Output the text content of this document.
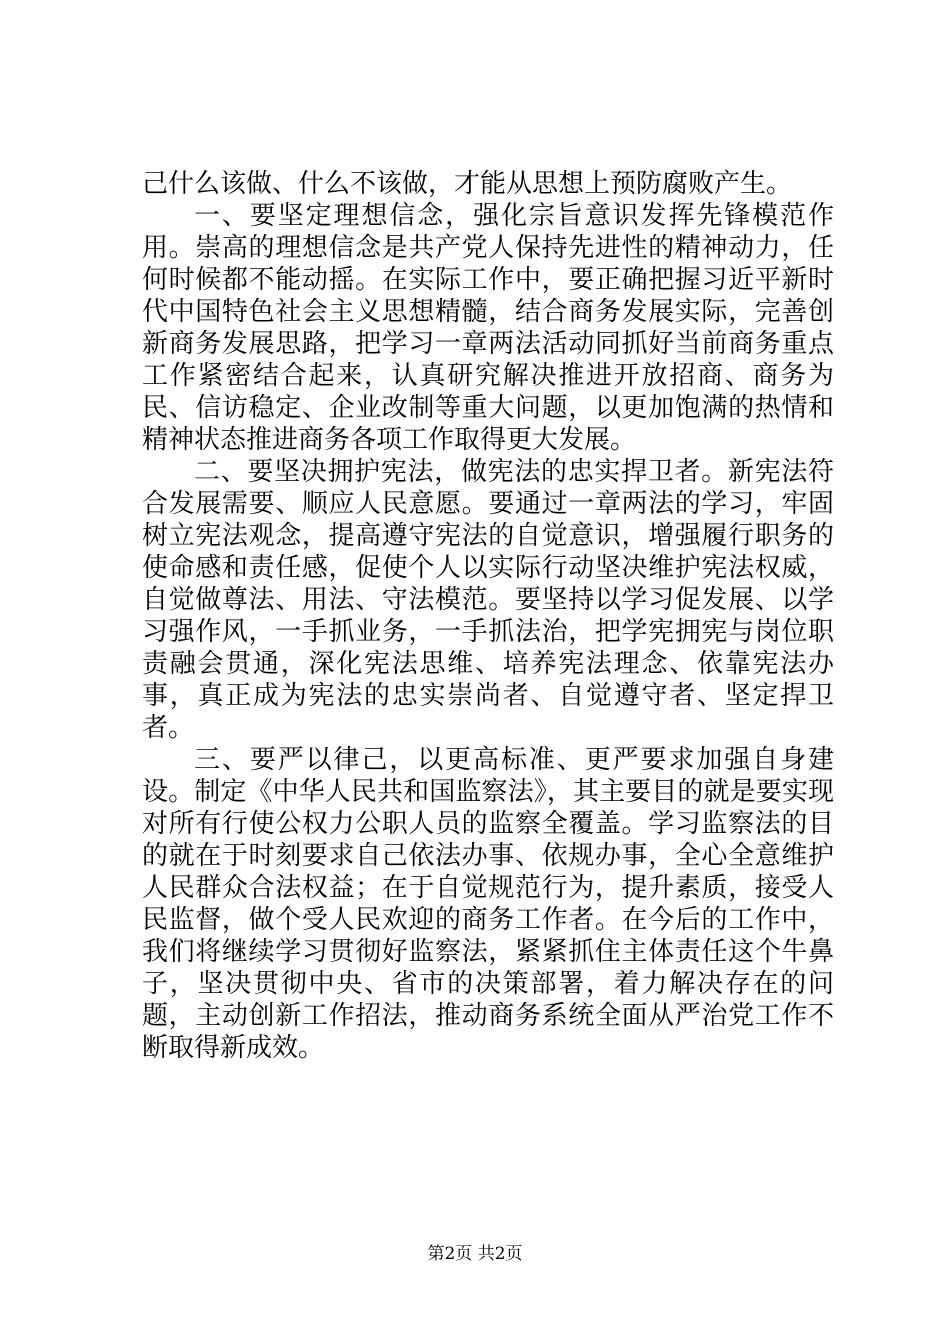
己什么该做、什么不该做，才能从思想上预防腐败产生。

一、要坚定理想信念，强化宗旨意识发挥先锋模范作用。崇高的理想信念是共产党人保持先进性的精神动力，任何时候都不能动摇。在实际工作中，要正确把握习近平新时代中国特色社会主义思想精髓，结合商务发展实际，完善创新商务发展思路，把学习一章两法活动同抓好当前商务重点工作紧密结合起来，认真研究解决推进开放招商、商务为民、信访稳定、企业改制等重大问题，以更加饱满的热情和精神状态推进商务各项工作取得更大发展。

二、要坚决拥护宪法，做宪法的忠实捍卫者。新宪法符合发展需要、顺应人民意愿。要通过一章两法的学习，牢固树立宪法观念，提高遵守宪法的自觉意识，增强履行职务的使命感和责任感，促使个人以实际行动坚决维护宪法权威，自觉做尊法、用法、守法模范。要坚持以学习促发展、以学习强作风，一手抓业务，一手抓法治，把学宪拥宪与岗位职责融会贯通，深化宪法思维、培养宪法理念、依靠宪法办事，真正成为宪法的忠实崇尚者、自觉遵守者、坚定捍卫者。

三、要严以律己，以更高标准、更严要求加强自身建设。制定《中华人民共和国监察法》，其主要目的就是要实现对所有行使公权力公职人员的监察全覆盖。学习监察法的目的就在于时刻要求自己依法办事、依规办事，全心全意维护人民群众合法权益；在于自觉规范行为，提升素质，接受人民监督，做个受人民欢迎的商务工作者。在今后的工作中，我们将继续学习贯彻好监察法，紧紧抓住主体责任这个牛鼻子，坚决贯彻中央、省市的决策部署，着力解决存在的问题，主动创新工作招法，推动商务系统全面从严治党工作不断取得新成效。

第2页 共2页
